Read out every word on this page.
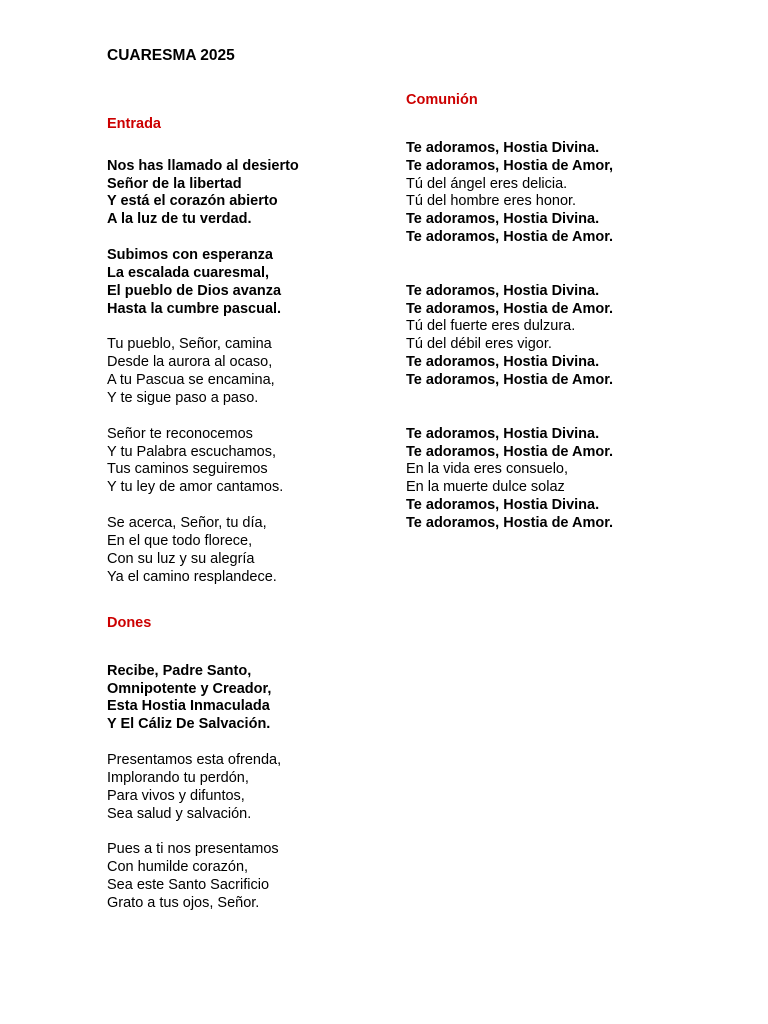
CUARESMA 2025
Entrada
Nos has llamado al desierto
Señor de la libertad
Y está el corazón abierto
A la luz de tu verdad.
Subimos con esperanza
La escalada cuaresmal,
El pueblo de Dios avanza
Hasta la cumbre pascual.
Tu pueblo, Señor, camina
Desde la aurora al ocaso,
A tu Pascua se encamina,
Y te sigue paso a paso.
Señor te reconocemos
Y tu Palabra escuchamos,
Tus caminos seguiremos
Y tu ley de amor cantamos.
Se acerca, Señor, tu día,
En el que todo florece,
Con su luz y su alegría
Ya el camino resplandece.
Dones
Recibe, Padre Santo,
Omnipotente y Creador,
Esta Hostia Inmaculada
Y El Cáliz De Salvación.
Presentamos esta ofrenda,
Implorando tu perdón,
Para vivos y difuntos,
Sea salud y salvación.
Pues a ti nos presentamos
Con humilde corazón,
Sea este Santo Sacrificio
Grato a tus ojos, Señor.
Comunión
Te adoramos, Hostia Divina.
Te adoramos, Hostia de Amor,
Tú del ángel eres delicia.
Tú del hombre eres honor.
Te adoramos, Hostia Divina.
Te adoramos, Hostia de Amor.
Te adoramos, Hostia Divina.
Te adoramos, Hostia de Amor.
Tú del fuerte eres dulzura.
Tú del débil eres vigor.
Te adoramos, Hostia Divina.
Te adoramos, Hostia de Amor.
Te adoramos, Hostia Divina.
Te adoramos, Hostia de Amor.
En la vida eres consuelo,
En la muerte dulce solaz
Te adoramos, Hostia Divina.
Te adoramos, Hostia de Amor.
